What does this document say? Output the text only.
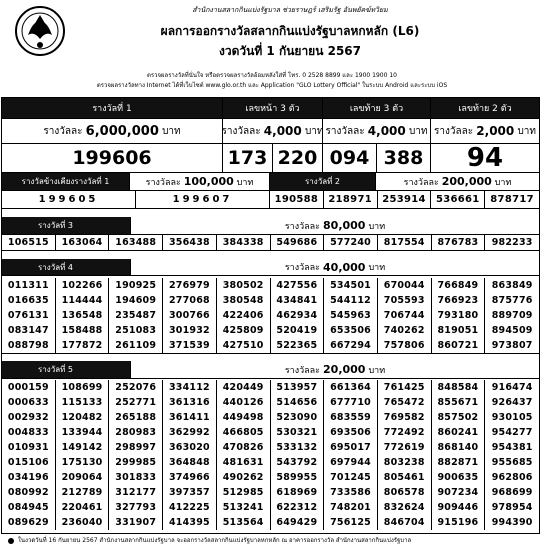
สำนักงานสลากกินแบ่งรัฐบาล ช่วยราษฎร์ เสริมรัฐ อันพยัคฆ์ทวิยม
ผลการออกรางวัลสลากกินแบ่งรัฐบาลหกหลัก (L6)
งวดวันที่ 1 กันยายน 2567
ตรวจผลรางวัลที่นั่นใจ หรือตรวจผลรางวัลอ้อมหลังใส่ที่ โทร. 0 2528 8899 และ 1900 1900 10
ตรวจผลรางวัลทาง Internet ได้ที่เว็บไซต์ www.glo.or.th และ Application "GLO Lottery Official" ในระบบ Android และระบบ iOS
รางวัลที่ 1	เลขหน้า 3 ตัว	เลขท้าย 3 ตัว	เลขท้าย 2 ตัว
รางวัลละ
6,000,000
บาท	รางวัลละ
4,000
บาท รางวัลละ
4,000
บาท รางวัลละ
2,000
บาท
199606	173 220 094 388	94
รางวัลข้างเคียงรางวัลที่ 1	รางวัลละ
100,000
บาท	รางวัลที่ 2	รางวัลละ
200,000
บาท
199605	199607	190588	218971	253914	536661	878717
รางวัลที่ 3	รางวัลละ 80,000 บาท
106515	163064	163488	356438	384338	549686	577240	817554	876783	982233
รางวัลที่ 4	รางวัลละ 40,000 บาท
011311	102266	190925	276979	380502	427556	534501	670044	766849	863849
016635	114444	194609	277068	380548	434841	544112	705593	766923	875776
076131	136548	235487	300766	422406	462934	545963	706744	793180	889709
083147	158488	251083	301932	425809	520419	653506	740262	819051	894509
088798	177872	261109	371539	427510	522365	667294	757806	860721	973807
รางวัลที่ 5	รางวัลละ 20,000 บาท
000159	108699	252076	334112	420449	513957	661364	761425	848584	916474
000633	115133	252771	361316	440126	514656	677710	765472	855671	926437
002932	120482	265188	361411	449498	523090	683559	769582	857502	930105
004833	133944	280983	362992	466805	530321	693506	772492	860241	954277
010931	149142	298997	363020	470826	533132	695017	772619	868140	954381
015106	175130	299985	364848	481631	543792	697944	803238	882871	955685
034196	209064	301833	374966	490262	589955	701245	805461	900635	962806
080992	212789	312177	397357	512985	618969	733586	806578	907234	968699
084945	220461	327793	412225	513241	622312	748201	832624	909446	978954
089629	236040	331907	414395	513564	649429	756125	846704	915196	994390
ในงวดวันที่ 16 กันยายน 2567 สำนักงานสลากกินแบ่งรัฐบาล จะออกรางวัลสลากกินแบ่งรัฐบาลหกหลัก ณ อาคารออกรางวัล สำนักงานสลากกินแบ่งรัฐบาล
